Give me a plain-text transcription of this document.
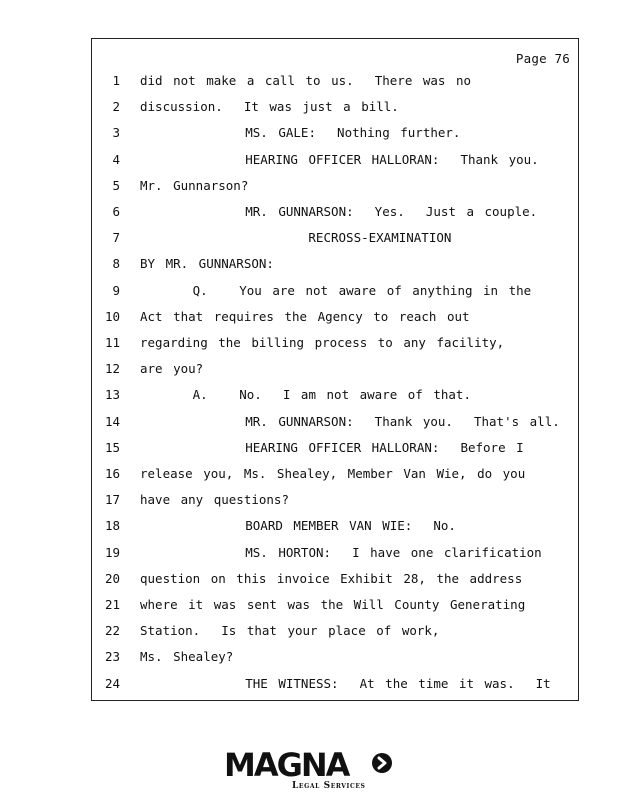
Page 76
1 did not make a call to us.  There was no
2 discussion.  It was just a bill.
3 MS. GALE:  Nothing further.
4 HEARING OFFICER HALLORAN:  Thank you.
5 Mr. Gunnarson?
6 MR. GUNNARSON:  Yes.  Just a couple.
7 RECROSS-EXAMINATION
8 BY MR. GUNNARSON:
9 Q.   You are not aware of anything in the
10 Act that requires the Agency to reach out
11 regarding the billing process to any facility,
12 are you?
13 A.   No.  I am not aware of that.
14 MR. GUNNARSON:  Thank you.  That's all.
15 HEARING OFFICER HALLORAN:  Before I
16 release you, Ms. Shealey, Member Van Wie, do you
17 have any questions?
18 BOARD MEMBER VAN WIE:  No.
19 MS. HORTON:  I have one clarification
20 question on this invoice Exhibit 28, the address
21 where it was sent was the Will County Generating
22 Station.  Is that your place of work,
23 Ms. Shealey?
24 THE WITNESS:  At the time it was.  It
MAGNA
Legal Services
